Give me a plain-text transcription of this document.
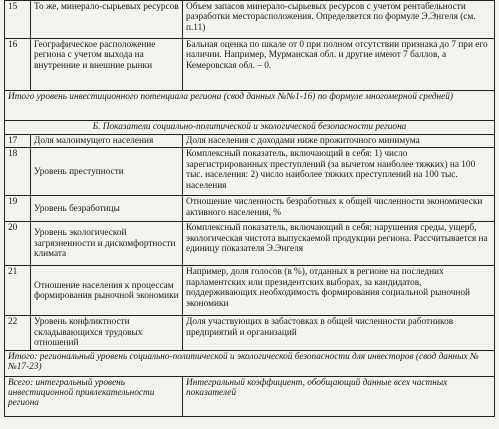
15	То же, минерало-сырьевых ресурсов	Объем запасов минерало-сырьевых ресурсов с учетом рентабельности разработки месторасположения. Определяется по формуле Э.Энгеля (см. п.11)
16	Географическое расположение региона с учетом выхода на внутренние и внешние рынки	Бальная оценка по шкале от 0 при полном отсутствии признака до 7 при его наличии. Например, Мурманская обл. и другие имеют 7 баллов, а Кемеровская обл. – 0.
Итого уровень инвестиционного потенциала региона (свод данных №№1-16) по формуле многомерной средней)		
Б. Показатели социально-политической и экологической безопасности региона		
17	Доля малоимущего населения	Доля населения с доходами ниже прожиточного минимума
18	Уровень преступности	Комплексный показатель, включающий в себя: 1) число зарегистрированных преступлений (за вычетом наиболее тяжких) на 100 тыс. населения: 2) число наиболее тяжких преступлений на 100 тыс. населения
19	Уровень безработицы	Отношение численность безработных к общей численности экономически активного населения, %
20	Уровень экологической загрязненности и дискомфортности климата	Комплексный показатель, включающий в себя: нарушения среды, ущерб, экологическая чистота выпускаемой продукции региона. Рассчитывается на единицу показателя Э.Энгеля
21	Отношение населения к процессам формирования рыночной экономики	Например, доля голосов (в %), отданных в регионе на последних парламентских или президентских выборах, за кандидатов, поддерживающих необходимость формирования социальной рыночной экономики
22	Уровень конфликтности складывающихся трудовых отношений	Доля участвующих в забастовках в общей численности работников предприятий и организаций
Итого: региональный уровень социально-политической и экологической безопасности для инвесторов (свод данных №№17-23)		
Всего: интегральный уровень инвестиционной привлекательности региона		Интегральный коэффициент, обобщающий данные всех частных показателей
